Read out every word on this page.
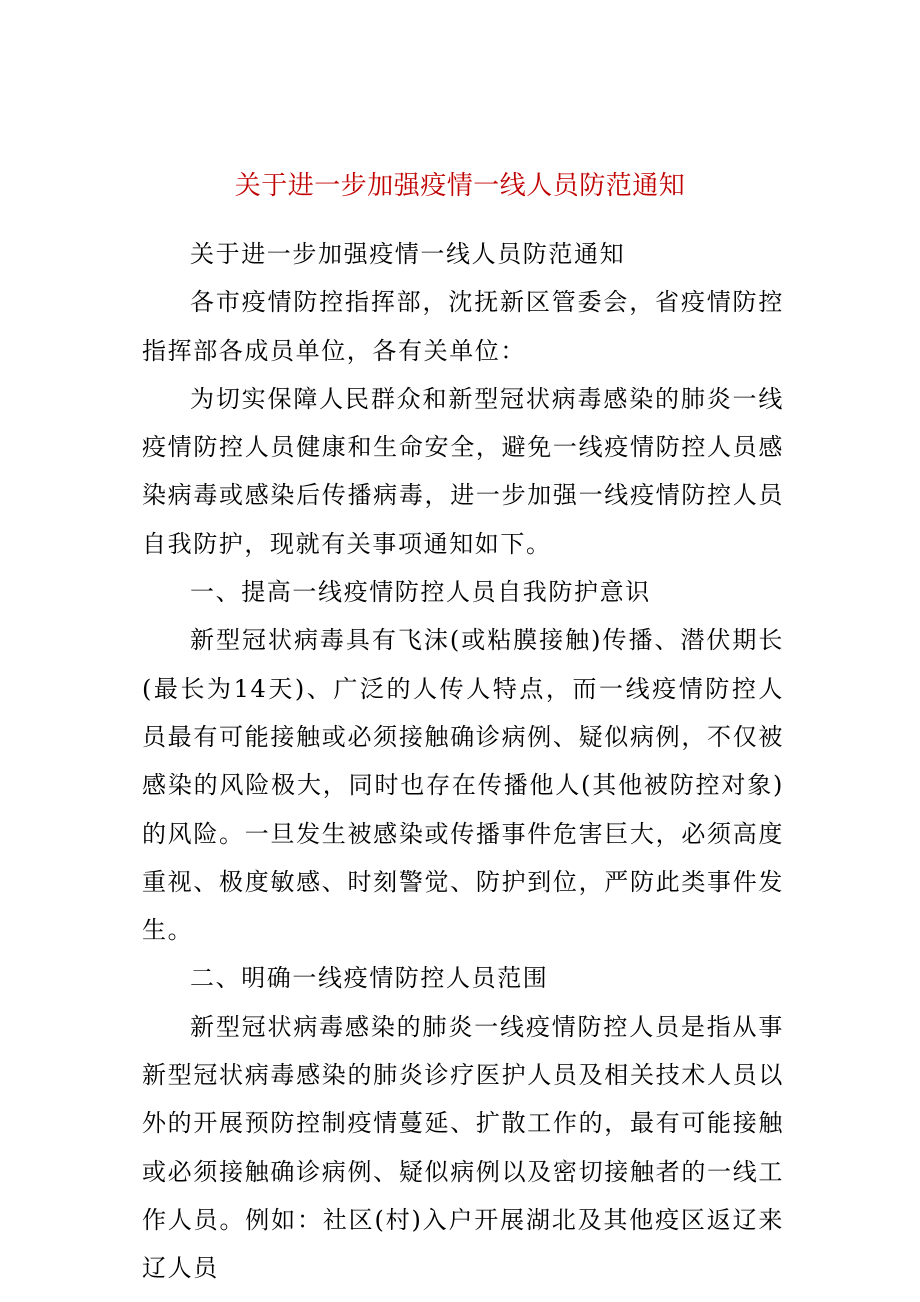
关于进一步加强疫情一线人员防范通知

关于进一步加强疫情一线人员防范通知

各市疫情防控指挥部，沈抚新区管委会，省疫情防控指挥部各成员单位，各有关单位：

为切实保障人民群众和新型冠状病毒感染的肺炎一线疫情防控人员健康和生命安全，避免一线疫情防控人员感染病毒或感染后传播病毒，进一步加强一线疫情防控人员自我防护，现就有关事项通知如下。

一、提高一线疫情防控人员自我防护意识

新型冠状病毒具有飞沫(或粘膜接触)传播、潜伏期长(最长为14天)、广泛的人传人特点，而一线疫情防控人员最有可能接触或必须接触确诊病例、疑似病例，不仅被感染的风险极大，同时也存在传播他人(其他被防控对象)的风险。一旦发生被感染或传播事件危害巨大，必须高度重视、极度敏感、时刻警觉、防护到位，严防此类事件发生。

二、明确一线疫情防控人员范围

新型冠状病毒感染的肺炎一线疫情防控人员是指从事新型冠状病毒感染的肺炎诊疗医护人员及相关技术人员以外的开展预防控制疫情蔓延、扩散工作的，最有可能接触或必须接触确诊病例、疑似病例以及密切接触者的一线工作人员。例如：社区(村)入户开展湖北及其他疫区返辽来辽人员
